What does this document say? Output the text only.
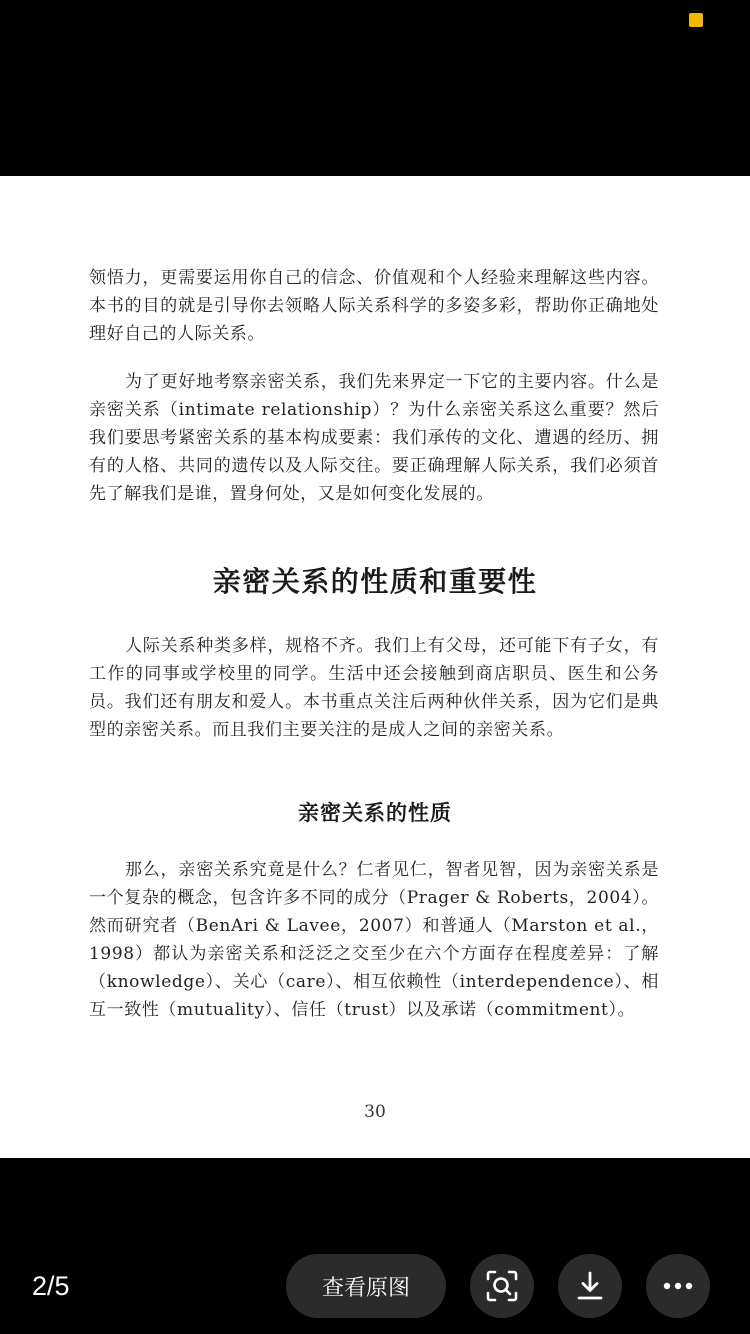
领悟力，更需要运用你自己的信念、价值观和个人经验来理解这些内容。本书的目的就是引导你去领略人际关系科学的多姿多彩，帮助你正确地处理好自己的人际关系。

为了更好地考察亲密关系，我们先来界定一下它的主要内容。什么是亲密关系（intimate relationship）？为什么亲密关系这么重要？然后我们要思考紧密关系的基本构成要素：我们承传的文化、遭遇的经历、拥有的人格、共同的遗传以及人际交往。要正确理解人际关系，我们必须首先了解我们是谁，置身何处，又是如何变化发展的。

亲密关系的性质和重要性

人际关系种类多样，规格不齐。我们上有父母，还可能下有子女，有工作的同事或学校里的同学。生活中还会接触到商店职员、医生和公务员。我们还有朋友和爱人。本书重点关注后两种伙伴关系，因为它们是典型的亲密关系。而且我们主要关注的是成人之间的亲密关系。

亲密关系的性质

那么，亲密关系究竟是什么？仁者见仁，智者见智，因为亲密关系是一个复杂的概念，包含许多不同的成分（Prager & Roberts，2004）。然而研究者（BenAri & Lavee，2007）和普通人（Marston et al.，1998）都认为亲密关系和泛泛之交至少在六个方面存在程度差异：了解（knowledge）、关心（care）、相互依赖性（interdependence）、相互一致性（mutuality）、信任（trust）以及承诺（commitment）。

30
2/5	查看原图
